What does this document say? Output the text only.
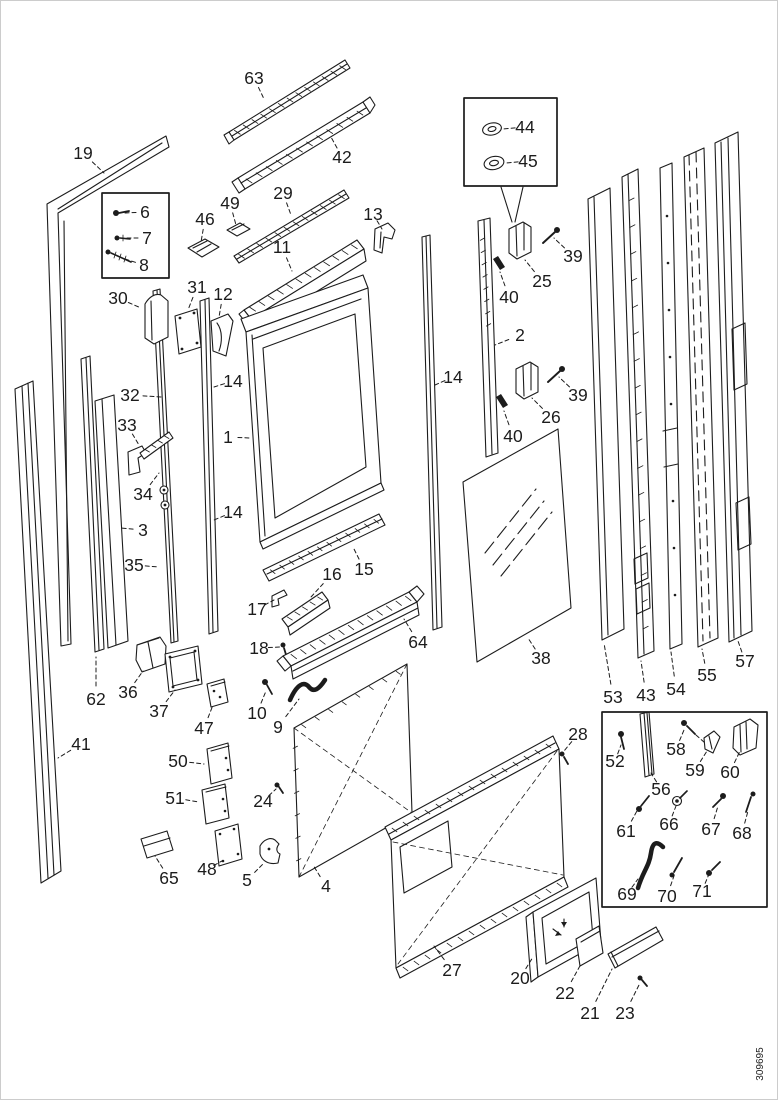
63
42
19
29
13
49
46
11
6
7
8
30
31 12
44
45
39
25
40
2
32
33
14	14
1
34
3
35
14
39
26
40
15
16
17
18	64
38
62 36
37
47
10
9
53 43 54
55
57
28
41
50
51	24
65 48
5	4
27	20
22
21 23
52
56
58
59 60
61 66 67 68
69 70 71
309695
